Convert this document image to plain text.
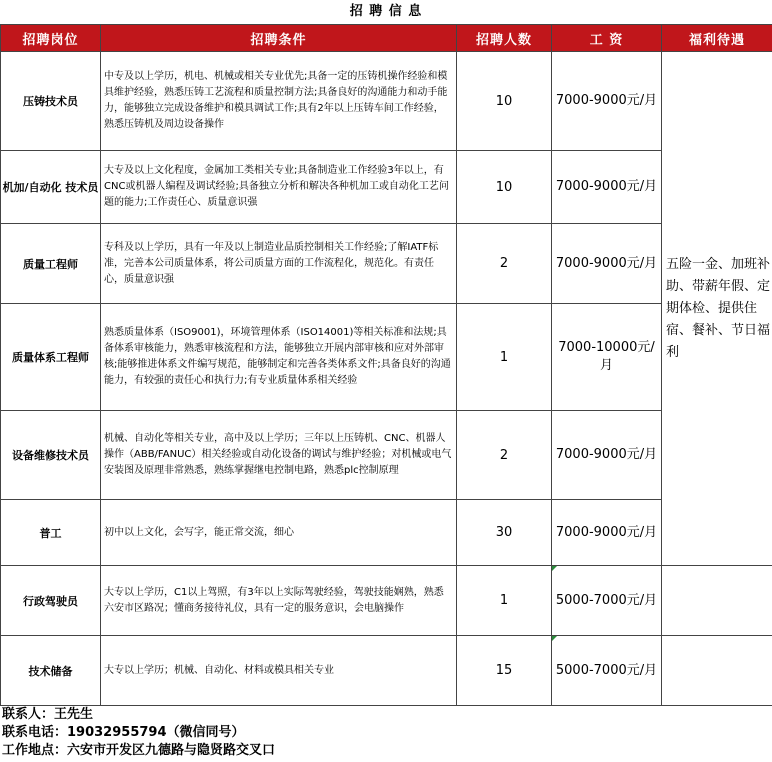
招 聘 信 息
招聘岗位	招聘条件	招聘人数	工 资	福利待遇
压铸技术员	中专及以上学历，机电、机械或相关专业优先;具备一定的压铸机操作经验和模具维护经验，熟悉压铸工艺流程和质量控制方法;具备良好的沟通能力和动手能力，能够独立完成设备维护和模具调试工作;具有2年以上压铸车间工作经验，熟悉压铸机及周边设备操作	10	7000-9000元/月	五险一金、加班补助、带薪年假、定期体检、提供住宿、餐补、节日福利
机加/自动化 技术员	大专及以上文化程度，金属加工类相关专业;具备制造业工作经验3年以上，有CNC或机器人编程及调试经验;具备独立分析和解决各种机加工或自动化工艺问题的能力;工作责任心、质量意识强	10	7000-9000元/月	
质量工程师	专科及以上学历，具有一年及以上制造业品质控制相关工作经验;了解IATF标准，完善本公司质量体系，将公司质量方面的工作流程化，规范化。有责任心，质量意识强	2	7000-9000元/月	
质量体系工程师	熟悉质量体系（ISO9001)，环境管理体系（ISO14001)等相关标准和法规;具备体系审核能力，熟悉审核流程和方法，能够独立开展内部审核和应对外部审核;能够推进体系文件编写规范，能够制定和完善各类体系文件;具备良好的沟通能力，有较强的责任心和执行力;有专业质量体系相关经验	1	7000-10000元/月	
设备维修技术员	机械、自动化等相关专业，高中及以上学历；三年以上压铸机、CNC、机器人操作（ABB/FANUC）相关经验或自动化设备的调试与维护经验；对机械或电气安装图及原理非常熟悉，熟练掌握继电控制电路，熟悉plc控制原理	2	7000-9000元/月	
普工	初中以上文化，会写字，能正常交流，细心	30	7000-9000元/月	
行政驾驶员	大专以上学历，C1以上驾照，有3年以上实际驾驶经验，驾驶技能娴熟，熟悉六安市区路况；懂商务接待礼仪，具有一定的服务意识，会电脑操作	1	5000-7000元/月	
技术储备	大专以上学历；机械、自动化、材料或模具相关专业	15	5000-7000元/月	
联系人：王先生
联系电话：19032955794（微信同号）
工作地点：六安市开发区九德路与隐贤路交叉口
